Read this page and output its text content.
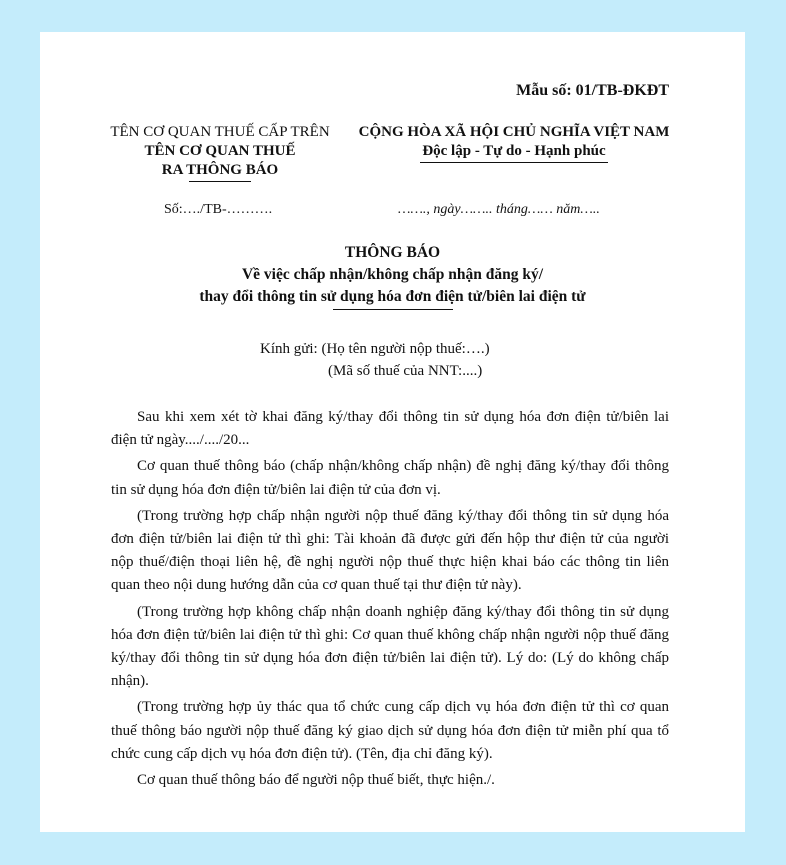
Mẫu số: 01/TB-ĐKĐT
TÊN CƠ QUAN THUẾ CẤP TRÊN
TÊN CƠ QUAN THUẾ
RA THÔNG BÁO
CỘNG HÒA XÃ HỘI CHỦ NGHĨA VIỆT NAM
Độc lập - Tự do - Hạnh phúc
Số:…./TB-……….	……., ngày…….. tháng…… năm…..
THÔNG BÁO
Về việc chấp nhận/không chấp nhận đăng ký/
thay đổi thông tin sử dụng hóa đơn điện tử/biên lai điện tử
Kính gửi: (Họ tên người nộp thuế:….)
(Mã số thuế của NNT:....)

Sau khi xem xét tờ khai đăng ký/thay đổi thông tin sử dụng hóa đơn điện tử/biên lai điện tử ngày..../..../20...

Cơ quan thuế thông báo (chấp nhận/không chấp nhận) đề nghị đăng ký/thay đổi thông tin sử dụng hóa đơn điện tử/biên lai điện tử của đơn vị.

(Trong trường hợp chấp nhận người nộp thuế đăng ký/thay đổi thông tin sử dụng hóa đơn điện tử/biên lai điện tử thì ghi: Tài khoản đã được gửi đến hộp thư điện tử của người nộp thuế/điện thoại liên hệ, đề nghị người nộp thuế thực hiện khai báo các thông tin liên quan theo nội dung hướng dẫn của cơ quan thuế tại thư điện tử này).

(Trong trường hợp không chấp nhận doanh nghiệp đăng ký/thay đổi thông tin sử dụng hóa đơn điện tử/biên lai điện tử thì ghi: Cơ quan thuế không chấp nhận người nộp thuế đăng ký/thay đổi thông tin sử dụng hóa đơn điện tử/biên lai điện tử). Lý do: (Lý do không chấp nhận).

(Trong trường hợp ủy thác qua tổ chức cung cấp dịch vụ hóa đơn điện tử thì cơ quan thuế thông báo người nộp thuế đăng ký giao dịch sử dụng hóa đơn điện tử miễn phí qua tổ chức cung cấp dịch vụ hóa đơn điện tử). (Tên, địa chỉ đăng ký).

Cơ quan thuế thông báo để người nộp thuế biết, thực hiện./.
